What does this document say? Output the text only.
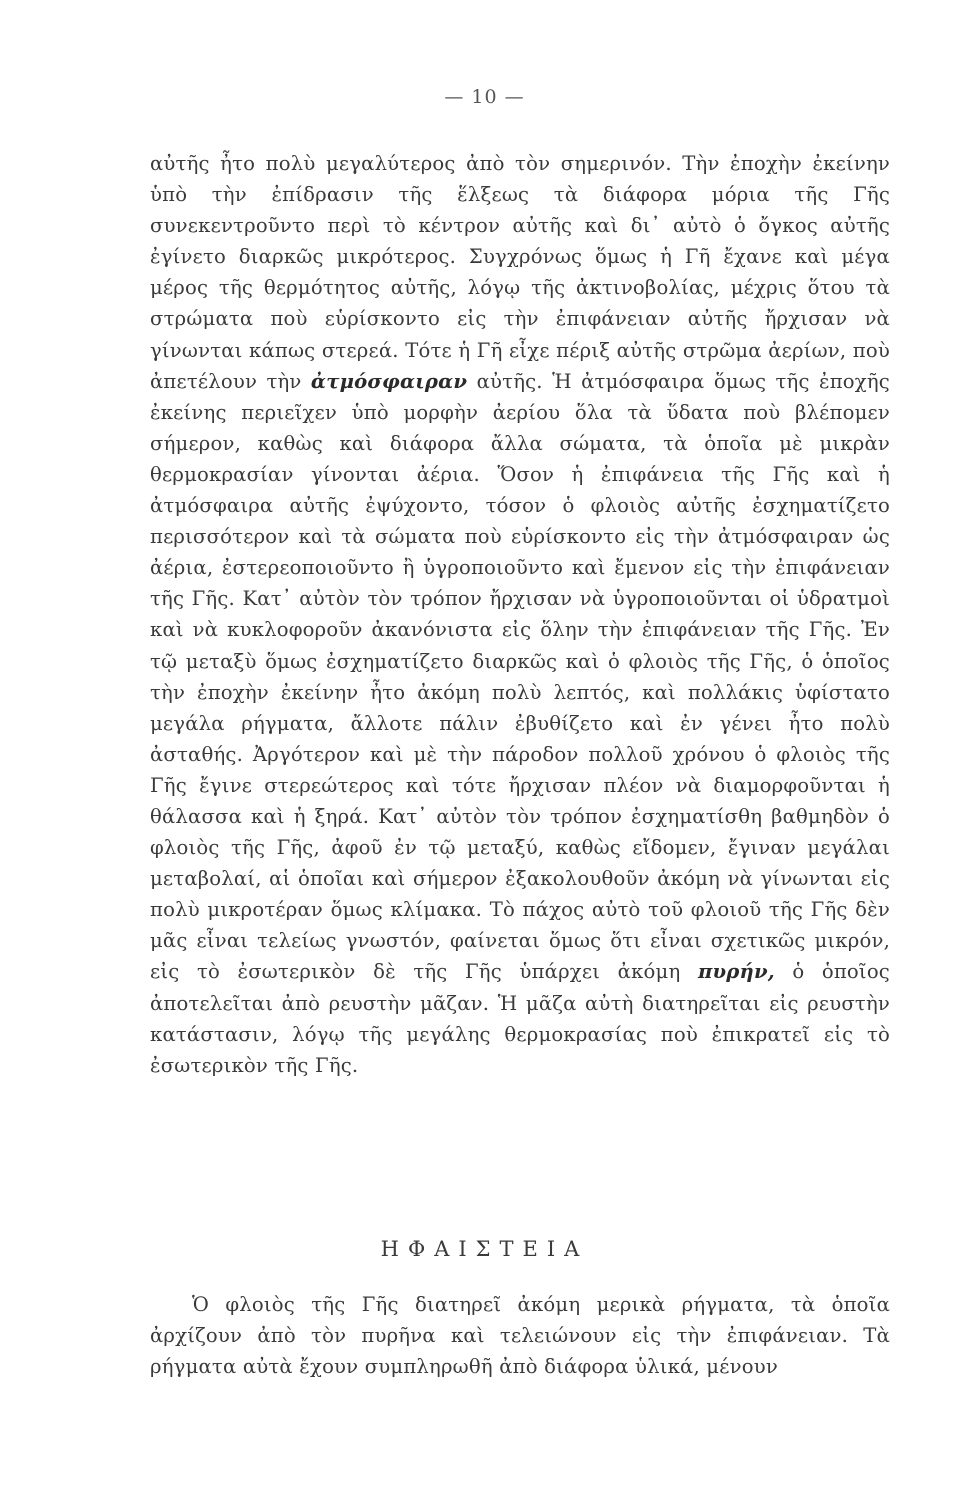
— 10 —

αὐτῆς ἦτο πολὺ μεγαλύτερος ἀπὸ τὸν σημερινόν. Τὴν ἐποχὴν ἐκείνην ὑπὸ τὴν ἐπίδρασιν τῆς ἕλξεως τὰ διάφορα μόρια τῆς Γῆς συνεκεντροῦντο περὶ τὸ κέντρον αὐτῆς καὶ δι᾿ αὐτὸ ὁ ὄγκος αὐτῆς ἐγίνετο διαρκῶς μικρότερος. Συγχρόνως ὅμως ἡ Γῆ ἔχανε καὶ μέγα μέρος τῆς θερμότητος αὐτῆς, λόγῳ τῆς ἀκτινοβολίας, μέχρις ὅτου τὰ στρώματα ποὺ εὑρίσκοντο εἰς τὴν ἐπιφάνειαν αὐτῆς ἤρχισαν νὰ γίνωνται κάπως στερεά. Τότε ἡ Γῆ εἶχε πέριξ αὐτῆς στρῶμα ἀερίων, ποὺ ἀπετέλουν τὴν ἀτμόσφαιραν αὐτῆς. Ἡ ἀτμόσφαιρα ὅμως τῆς ἐποχῆς ἐκείνης περιεῖχεν ὑπὸ μορφὴν ἀερίου ὅλα τὰ ὕδατα ποὺ βλέπομεν σήμερον, καθὼς καὶ διάφορα ἄλλα σώματα, τὰ ὁποῖα μὲ μικρὰν θερμοκρασίαν γίνονται ἀέρια. Ὅσον ἡ ἐπιφάνεια τῆς Γῆς καὶ ἡ ἀτμόσφαιρα αὐτῆς ἐψύχοντο, τόσον ὁ φλοιὸς αὐτῆς ἐσχηματίζετο περισσότερον καὶ τὰ σώματα ποὺ εὑρίσκοντο εἰς τὴν ἀτμόσφαιραν ὡς ἀέρια, ἐστερεοποιοῦντο ἢ ὑγροποιοῦντο καὶ ἔμενον εἰς τὴν ἐπιφάνειαν τῆς Γῆς. Κατ᾿ αὐτὸν τὸν τρόπον ἤρχισαν νὰ ὑγροποιοῦνται οἱ ὑδρατμοὶ καὶ νὰ κυκλοφοροῦν ἀκανόνιστα εἰς ὅλην τὴν ἐπιφάνειαν τῆς Γῆς. Ἐν τῷ μεταξὺ ὅμως ἐσχηματίζετο διαρκῶς καὶ ὁ φλοιὸς τῆς Γῆς, ὁ ὁποῖος τὴν ἐποχὴν ἐκείνην ἦτο ἀκόμη πολὺ λεπτός, καὶ πολλάκις ὑφίστατο μεγάλα ρήγματα, ἄλλοτε πάλιν ἐβυθίζετο καὶ ἐν γένει ἦτο πολὺ ἀσταθής. Ἀργότερον καὶ μὲ τὴν πάροδον πολλοῦ χρόνου ὁ φλοιὸς τῆς Γῆς ἔγινε στερεώτερος καὶ τότε ἤρχισαν πλέον νὰ διαμορφοῦνται ἡ θάλασσα καὶ ἡ ξηρά. Κατ᾿ αὐτὸν τὸν τρόπον ἐσχηματίσθη βαθμηδὸν ὁ φλοιὸς τῆς Γῆς, ἀφοῦ ἐν τῷ μεταξύ, καθὼς εἴδομεν, ἔγιναν μεγάλαι μεταβολαί, αἱ ὁποῖαι καὶ σήμερον ἐξακολουθοῦν ἀκόμη νὰ γίνωνται εἰς πολὺ μικροτέραν ὅμως κλίμακα. Τὸ πάχος αὐτὸ τοῦ φλοιοῦ τῆς Γῆς δὲν μᾶς εἶναι τελείως γνωστόν, φαίνεται ὅμως ὅτι εἶναι σχετικῶς μικρόν, εἰς τὸ ἐσωτερικὸν δὲ τῆς Γῆς ὑπάρχει ἀκόμη πυρήν, ὁ ὁποῖος ἀποτελεῖται ἀπὸ ρευστὴν μᾶζαν. Ἡ μᾶζα αὐτὴ διατηρεῖται εἰς ρευστὴν κατάστασιν, λόγῳ τῆς μεγάλης θερμοκρασίας ποὺ ἐπικρατεῖ εἰς τὸ ἐσωτερικὸν τῆς Γῆς.

ΗΦΑΙΣΤΕΙΑ

Ὁ φλοιὸς τῆς Γῆς διατηρεῖ ἀκόμη μερικὰ ρήγματα, τὰ ὁποῖα ἀρχίζουν ἀπὸ τὸν πυρῆνα καὶ τελειώνουν εἰς τὴν ἐπιφάνειαν. Τὰ ρήγματα αὐτὰ ἔχουν συμπληρωθῆ ἀπὸ διάφορα ὑλικά, μένουν
